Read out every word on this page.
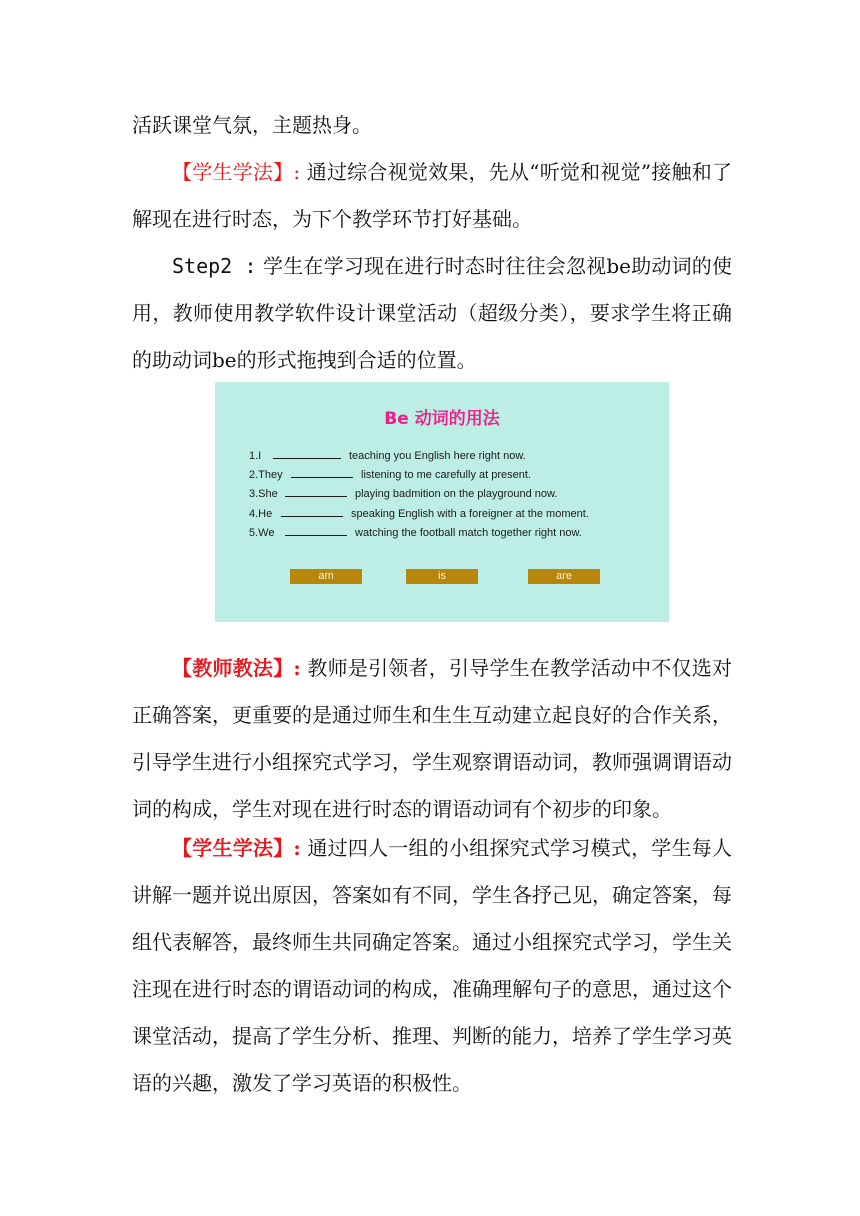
活跃课堂气氛，主题热身。

【学生学法】: 通过综合视觉效果，先从“听觉和视觉”接触和了解现在进行时态，为下个教学环节打好基础。

Step2 : 学生在学习现在进行时态时往往会忽视be助动词的使用，教师使用教学软件设计课堂活动（超级分类），要求学生将正确的助动词be的形式拖拽到合适的位置。

Be 动词的用法
1.I	teaching you English here right now.
2.They	listening to me carefully at present.
3.She	playing badmition on the playground now.
4.He	speaking English with a foreigner at the moment.
5.We	watching the football match together right now.
am	is	are

【教师教法】: 教师是引领者，引导学生在教学活动中不仅选对正确答案，更重要的是通过师生和生生互动建立起良好的合作关系，引导学生进行小组探究式学习，学生观察谓语动词，教师强调谓语动词的构成，学生对现在进行时态的谓语动词有个初步的印象。

【学生学法】: 通过四人一组的小组探究式学习模式，学生每人讲解一题并说出原因，答案如有不同，学生各抒己见，确定答案，每组代表解答，最终师生共同确定答案。通过小组探究式学习，学生关注现在进行时态的谓语动词的构成，准确理解句子的意思，通过这个课堂活动，提高了学生分析、推理、判断的能力，培养了学生学习英语的兴趣，激发了学习英语的积极性。
